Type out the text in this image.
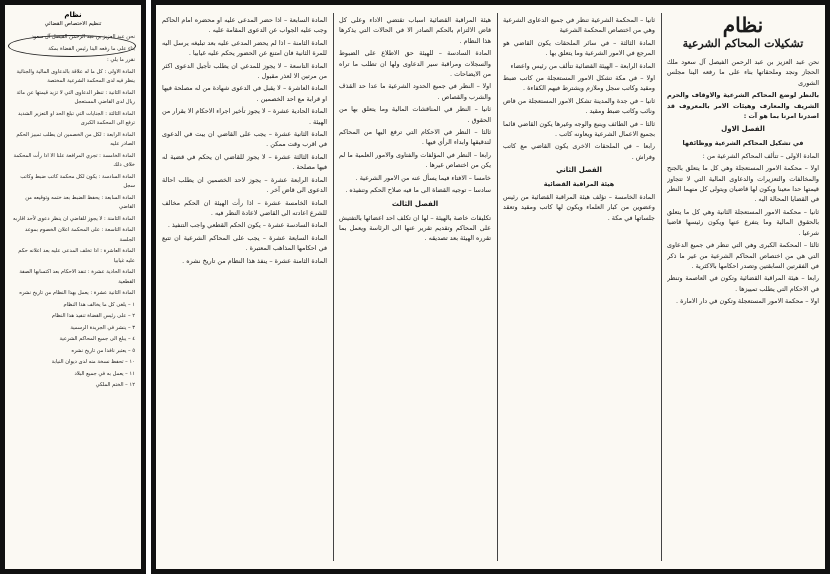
نظام
تنظيم الاختصاص القضائي

نحن عبد العزيز بن عبد الرحمن الفيصل آل سعود

بناء على ما رفعه الينا رئيس القضاة بمكة

نقرر ما يلي :

المادة الاولى : كل ما له علاقة بالدعاوى المالية والجنائية ينظر فيه لدى المحكمة الشرعية المختصة

المادة الثانية : تنظر الدعاوى التي لا تزيد قيمتها عن مائة ريال لدى القاضي المستعجل

المادة الثالثة : الجنايات التي تبلغ الحد او التعزير الشديد ترفع الى المحكمة الكبرى

المادة الرابعة : لكل من الخصمين ان يطلب تمييز الحكم الصادر عليه

المادة الخامسة : تجري المرافعة علنا الا اذا رأت المحكمة خلاف ذلك

المادة السادسة : يكون لكل محكمة كاتب ضبط وكاتب سجل

المادة السابعة : يحفظ الضبط بعد ختمه وتوقيعه من القاضي

المادة الثامنة : لا يجوز للقاضي ان ينظر دعوى لأحد اقاربه

المادة التاسعة : على المحكمة اعلان الخصوم بموعد الجلسة

المادة العاشرة : اذا تخلف المدعى عليه بعد اعلانه حكم عليه غيابيا

المادة الحادية عشرة : تنفذ الاحكام بعد اكتسابها الصفة القطعية

المادة الثانية عشرة : يعمل بهذا النظام من تاريخ نشره

١ – يلغى كل ما يخالف هذا النظام

٢ – على رئيس القضاة تنفيذ هذا النظام

٣ – ينشر في الجريدة الرسمية

٤ – يبلغ الى جميع المحاكم الشرعية

٥ – يعتبر نافذا من تاريخ نشره

١٠ – تحفظ نسخة منه لدى ديوان النيابة

١١ – يعمل به في جميع البلاد

١٢ – الختم الملكي

نظام
تشكيلات المحاكم الشرعية

نحن عبد العزيز بن عبد الرحمن الفيصل آل سعود ملك الحجاز ونجد وملحقاتها بناء على ما رفعه الينا مجلس الشورى

بالنظر لوضع المحاكم الشرعية والاوقاف والحرم الشريف والمعارف وهيئات الامر بالمعروف قد اصدرنا امرنا بما هو آت :

الفصل الاول

في تشكيل المحاكم الشرعية ووظائفها

المادة الاولى – تتألف المحاكم الشرعية من :

اولا – محكمة الامور المستعجلة وهي كل ما يتعلق بالجنح والمخالفات والتعزيرات والدعاوى المالية التي لا تتجاوز قيمتها حدا معينا ويكون لها قاضيان ويتولى كل منهما النظر في القضايا المحالة اليه .

ثانيا – محكمة الامور المستعجلة الثانية وهي كل ما يتعلق بالحقوق المالية وما يتفرع عنها ويكون رئيسها قاضيا شرعيا .

ثالثا – المحكمة الكبرى وهي التي تنظر في جميع الدعاوى التي هي من اختصاص المحاكم الشرعية من غير ما ذكر في الفقرتين السابقتين وتصدر احكامها بالاكثرية .

رابعا – هيئة المراقبة القضائية وتكون في العاصمة وتنظر في الاحكام التي يطلب تمييزها .

اولا – محكمة الامور المستعجلة وتكون في دار الامارة .

ثانيا – المحكمة الشرعية تنظر في جميع الدعاوى الشرعية وهي من اختصاص المحكمة الشرعية

المادة الثالثة – في سائر الملحقات يكون القاضي هو المرجع في الامور الشرعية وما يتعلق بها .

المادة الرابعة – الهيئة القضائية تتألف من رئيس واعضاء

اولا – في مكة تشكل الامور المستعجلة من كاتب ضبط ومقيد وكاتب سجل وملازم ويشترط فيهم الكفاءة .

ثانيا – في جدة والمدينة تشكل الامور المستعجلة من قاض ونائب وكاتب ضبط ومقيد .

ثالثا – في الطائف وينبع والوجه وغيرها يكون القاضي قائما بجميع الاعمال الشرعية ويعاونه كاتب .

رابعا – في الملحقات الاخرى يكون القاضي مع كاتب وفراش .

الفصل الثاني

هيئة المراقبة القضائية

المادة الخامسة – تؤلف هيئة المراقبة القضائية من رئيس وعضوين من كبار العلماء ويكون لها كاتب ومقيد وتعقد جلساتها في مكة .

هيئة المراقبة القضائية اسباب تقتضي الاداء وعلى كل قاض الالتزام بالحكم الصادر الا في الحالات التي يذكرها هذا النظام .

المادة السادسة – للهيئة حق الاطلاع على الضبوط والسجلات ومراقبة سير الدعاوى ولها ان تطلب ما تراه من الايضاحات .

اولا – النظر في جميع الحدود الشرعية ما عدا حد القذف والشرب والقصاص .

ثانيا – النظر في المناقشات المالية وما يتعلق بها من الحقوق .

ثالثا – النظر في الاحكام التي ترفع اليها من المحاكم لتدقيقها وابداء الرأي فيها .

رابعا – النظر في المؤلفات والفتاوى والامور العلمية ما لم يكن من اختصاص غيرها .

خامسا – الافتاء فيما يسأل عنه من الامور الشرعية .

سادسا – توجيه القضاة الى ما فيه صلاح الحكم وتنفيذه .

الفصل الثالث

تكليفات خاصة بالهيئة – لها ان تكلف احد اعضائها بالتفتيش على المحاكم وتقديم تقرير عنها الى الرئاسة ويعمل بما تقرره الهيئة بعد تصديقه .

المادة السابعة – اذا حضر المدعى عليه او محضره امام الحاكم وجب عليه الجواب عن الدعوى المقامة عليه .

المادة الثامنة – اذا لم يحضر المدعى عليه بعد تبليغه يرسل اليه للمرة الثانية فان امتنع عن الحضور يحكم عليه غيابيا .

المادة التاسعة – لا يجوز للمدعي ان يطلب تأجيل الدعوى اكثر من مرتين الا لعذر مقبول .

المادة العاشرة – لا يقبل في الدعوى شهادة من له مصلحة فيها او قرابة مع احد الخصمين .

المادة الحادية عشرة – لا يجوز تأخير اجراء الاحكام الا بقرار من الهيئة .

المادة الثانية عشرة – يجب على القاضي ان يبت في الدعوى في اقرب وقت ممكن .

المادة الثالثة عشرة – لا يجوز للقاضي ان يحكم في قضية له فيها مصلحة .

المادة الرابعة عشرة – يجوز لاحد الخصمين ان يطلب احالة الدعوى الى قاض آخر .

المادة الخامسة عشرة – اذا رأت الهيئة ان الحكم مخالف للشرع اعادته الى القاضي لاعادة النظر فيه .

المادة السادسة عشرة – يكون الحكم القطعي واجب التنفيذ .

المادة السابعة عشرة – يجب على المحاكم الشرعية ان تتبع في احكامها المذاهب المعتبرة .

المادة الثامنة عشرة – ينفذ هذا النظام من تاريخ نشره .
